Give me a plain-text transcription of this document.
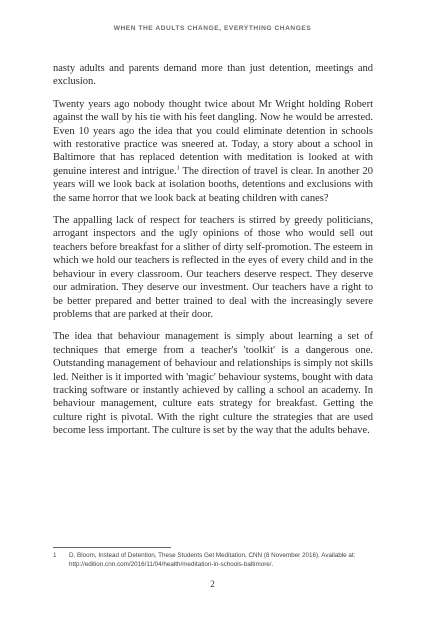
WHEN THE ADULTS CHANGE, EVERYTHING CHANGES

nasty adults and parents demand more than just detention, meetings and exclusion.

Twenty years ago nobody thought twice about Mr Wright holding Robert against the wall by his tie with his feet dangling. Now he would be arrested. Even 10 years ago the idea that you could eliminate detention in schools with restorative practice was sneered at. Today, a story about a school in Baltimore that has replaced detention with meditation is looked at with genuine interest and intrigue.$^1$ The direction of travel is clear. In another 20 years will we look back at isolation booths, detentions and exclusions with the same horror that we look back at beating children with canes?

The appalling lack of respect for teachers is stirred by greedy politicians, arrogant inspectors and the ugly opinions of those who would sell out teachers before breakfast for a slither of dirty self-promotion. The esteem in which we hold our teachers is reflected in the eyes of every child and in the behaviour in every classroom. Our teachers deserve respect. They deserve our admiration. They deserve our investment. Our teachers have a right to be better prepared and better trained to deal with the increasingly severe problems that are parked at their door.

The idea that behaviour management is simply about learning a set of techniques that emerge from a teacher's 'toolkit' is a dangerous one. Outstanding management of behaviour and relationships is simply not skills led. Neither is it imported with 'magic' behaviour systems, bought with data tracking software or instantly achieved by calling a school an academy. In behaviour management, culture eats strategy for breakfast. Getting the culture right is pivotal. With the right culture the strategies that are used become less important. The culture is set by the way that the adults behave.

1 D. Bloom, Instead of Detention, These Students Get Meditation, CNN (8 November 2016). Available at: http://edition.cnn.com/2016/11/04/health/meditation-in-schools-baltimore/.
2
